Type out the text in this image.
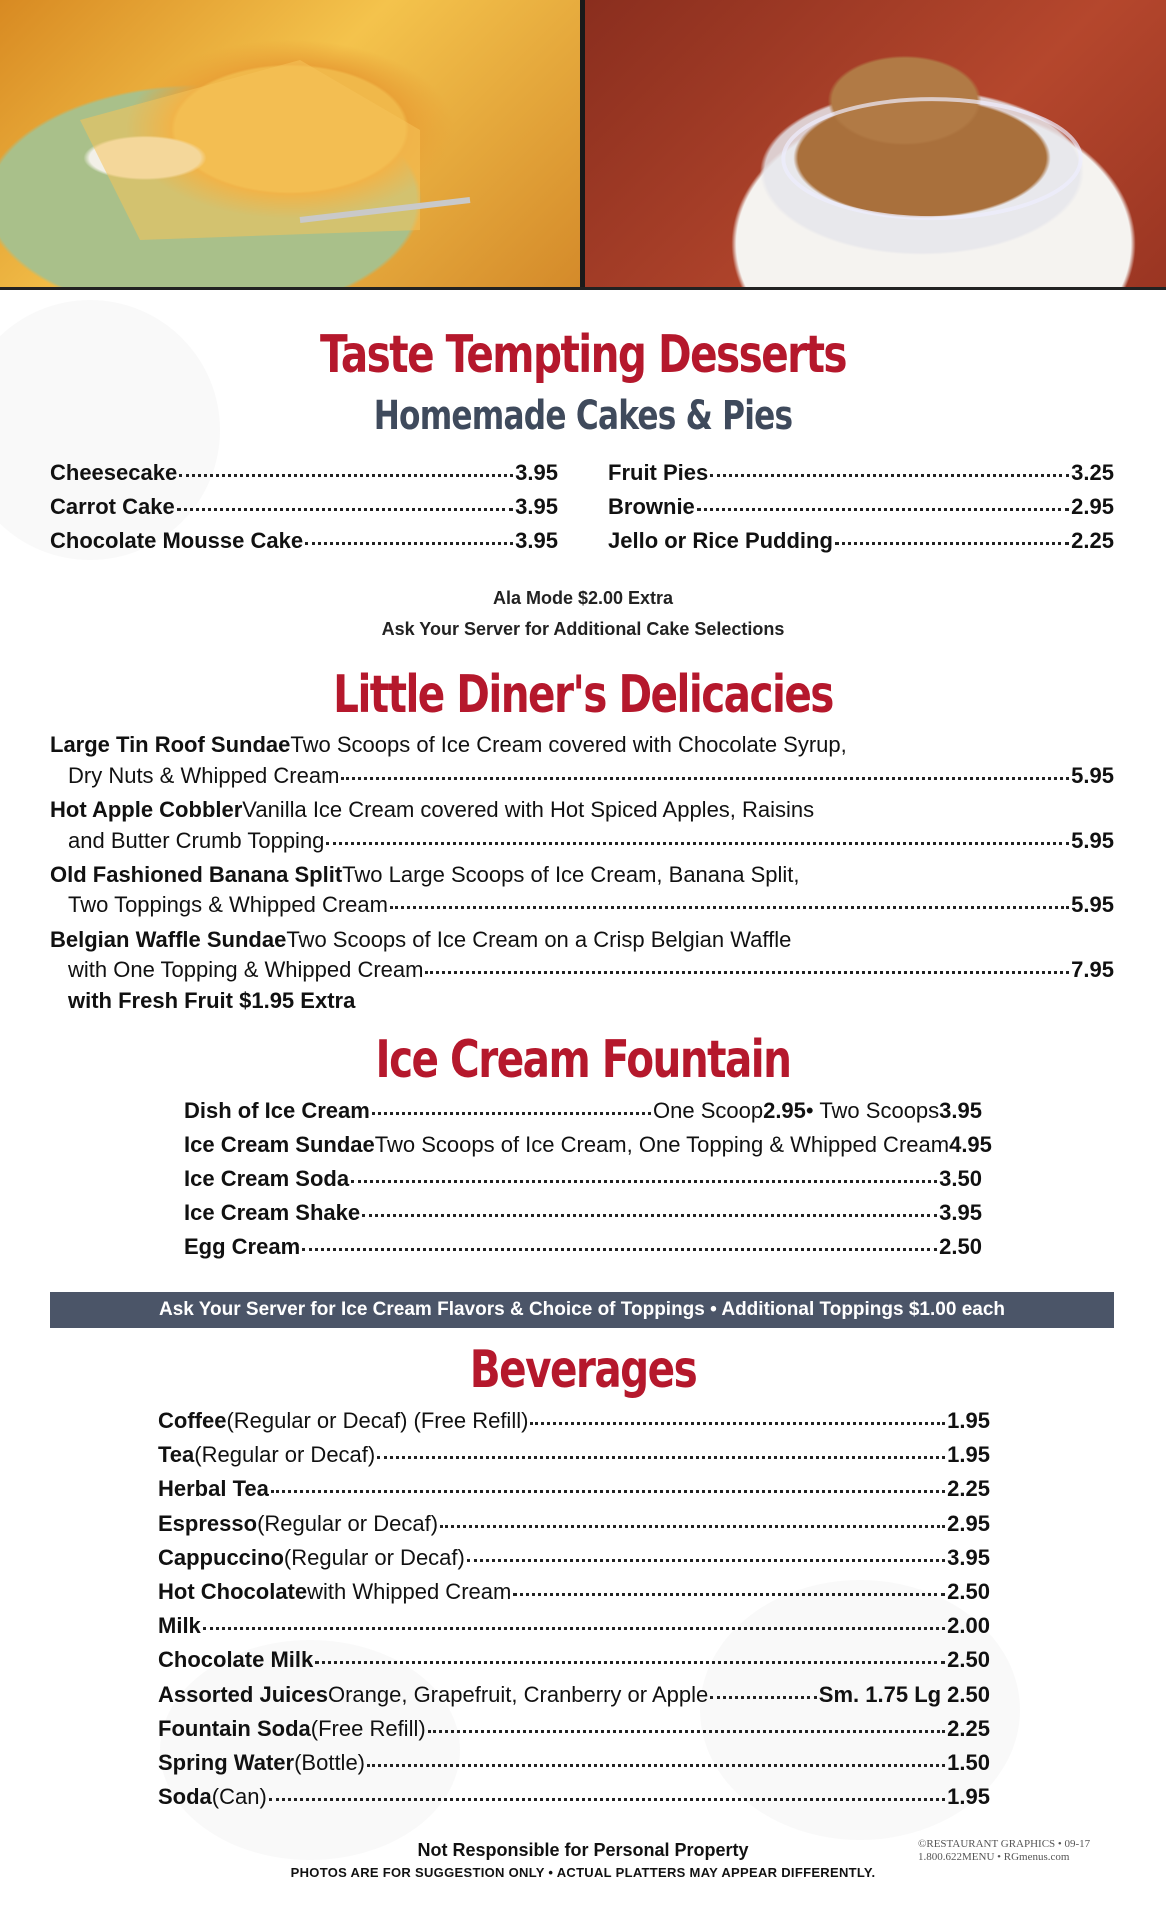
Taste Tempting Desserts
Homemade Cakes & Pies
Cheesecake	3.95
Carrot Cake	3.95
Chocolate Mousse Cake	3.95
Fruit Pies	3.25
Brownie	2.95
Jello or Rice Pudding	2.25
Ala Mode $2.00 Extra
Ask Your Server for Additional Cake Selections
Little Diner's Delicacies
Large Tin Roof Sundae Two Scoops of Ice Cream covered with Chocolate Syrup,
Dry Nuts & Whipped Cream	5.95
Hot Apple Cobbler Vanilla Ice Cream covered with Hot Spiced Apples, Raisins
and Butter Crumb Topping	5.95
Old Fashioned Banana Split Two Large Scoops of Ice Cream, Banana Split,
Two Toppings & Whipped Cream	5.95
Belgian Waffle Sundae Two Scoops of Ice Cream on a Crisp Belgian Waffle
with One Topping & Whipped Cream	7.95
with Fresh Fruit $1.95 Extra
Ice Cream Fountain
Dish of Ice Cream	One Scoop 2.95 • Two Scoops 3.95
Ice Cream Sundae Two Scoops of Ice Cream, One Topping & Whipped Cream 4.95
Ice Cream Soda	3.50
Ice Cream Shake	3.95
Egg Cream	2.50
Ask Your Server for Ice Cream Flavors & Choice of Toppings • Additional Toppings $1.00 each
Beverages
Coffee (Regular or Decaf) (Free Refill)	1.95
Tea (Regular or Decaf)	1.95
Herbal Tea	2.25
Espresso (Regular or Decaf)	2.95
Cappuccino (Regular or Decaf)	3.95
Hot Chocolate with Whipped Cream	2.50
Milk	2.00
Chocolate Milk	2.50
Assorted Juices Orange, Grapefruit, Cranberry or Apple	Sm. 1.75 Lg 2.50
Fountain Soda (Free Refill)	2.25
Spring Water (Bottle)	1.50
Soda (Can)	1.95
Not Responsible for Personal Property
PHOTOS ARE FOR SUGGESTION ONLY • ACTUAL PLATTERS MAY APPEAR DIFFERENTLY.
©RESTAURANT GRAPHICS • 09-17
1.800.622MENU • RGmenus.com
